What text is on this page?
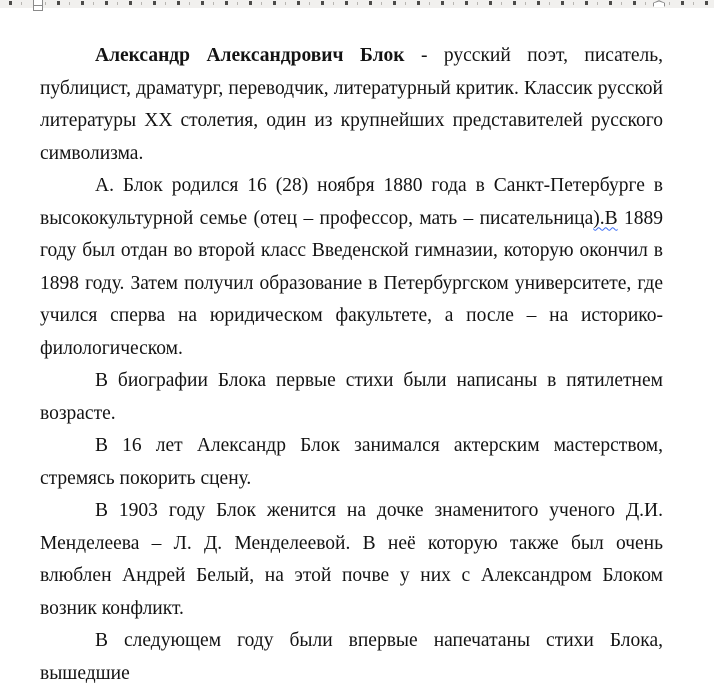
Александр Александрович Блок - русский поэт, писатель, публицист, драматург, переводчик, литературный критик. Классик русской литературы XX столетия, один из крупнейших представителей русского символизма.

А. Блок родился 16 (28) ноября 1880 года в Санкт-Петербурге в высококультурной семье (отец – профессор, мать – писательница).В 1889 году был отдан во второй класс Введенской гимназии, которую окончил в 1898 году. Затем получил образование в Петербургском университете, где учился сперва на юридическом факультете, а после – на историко-филологическом.

В биографии Блока первые стихи были написаны в пятилетнем возрасте.

В 16 лет Александр Блок занимался актерским мастерством, стремясь покорить сцену.

В 1903 году Блок женится на дочке знаменитого ученого Д.И. Менделеева – Л. Д. Менделеевой. В неё которую также был очень влюблен Андрей Белый, на этой почве у них с Александром Блоком возник конфликт.

В следующем году были впервые напечатаны стихи Блока, вышедшие
